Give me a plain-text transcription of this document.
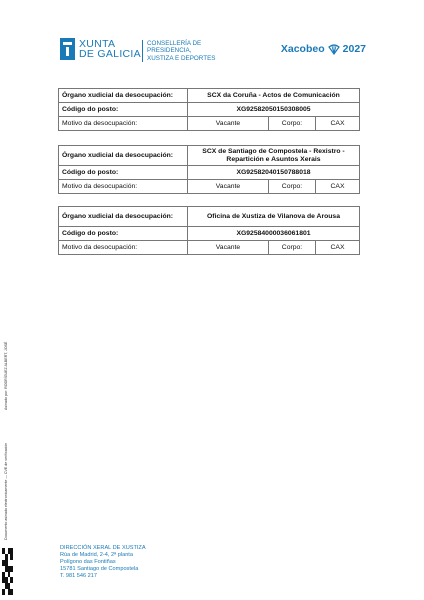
XUNTA
DE GALICIA
CONSELLERÍA DE
PRESIDENCIA,
XUSTIZA E DEPORTES
Xacobeo 2027
Órgano xudicial da desocupación:	SCX da Coruña - Actos de Comunicación		
Código do posto:	XG92582050150308005		
Motivo da desocupación:	Vacante	Corpo:	CAX
Órgano xudicial da desocupación:	SCX de Santiago de Compostela - Rexistro - Repartición e Asuntos Xerais		
Código do posto:	XG92582040150788018		
Motivo da desocupación:	Vacante	Corpo:	CAX
Órgano xudicial da desocupación:	Oficina de Xustiza de Vilanova de Arousa		
Código do posto:	XG92584000036061801		
Motivo da desocupación:	Vacante	Corpo:	CAX
Asinado por: RODRÍGUEZ ALBERT, JOSÉ
Documento asinado electronicamente — CVE de verificación
DIRECCIÓN XERAL DE XUSTIZA
Rúa de Madrid, 2-4, 2ª planta
Polígono das Fontiñas
15781 Santiago de Compostela
T. 981 546 217
